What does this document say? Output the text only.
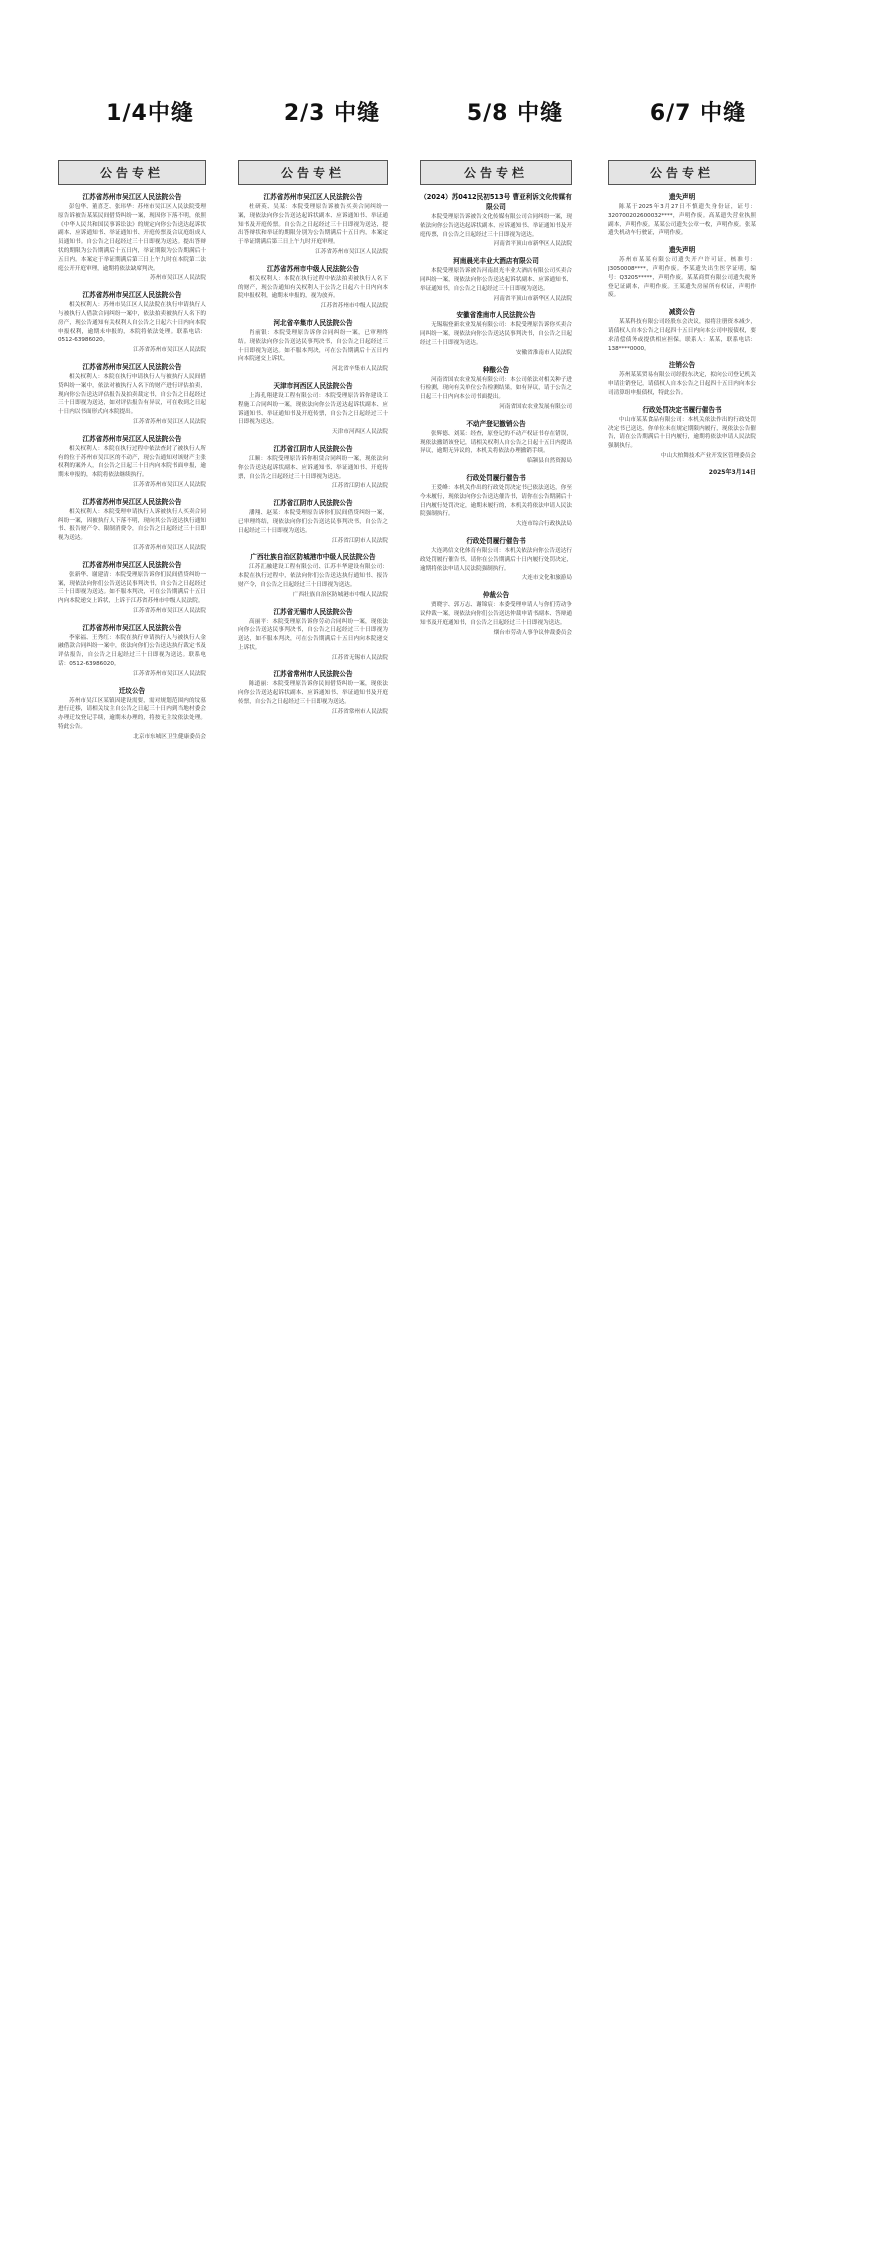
1/4中缝	2/3 中缝	5/8 中缝	6/7 中缝
公告专栏
江苏省苏州市吴江区人民法院公告

彭包华、董喜芝、张玮华：苏州市吴江区人民法院受理原告诉被告某某民间借贷纠纷一案，现因你下落不明，依照《中华人民共和国民事诉讼法》的规定向你公告送达起诉状副本、应诉通知书、举证通知书、开庭传票及合议庭组成人员通知书。自公告之日起经过三十日即视为送达。提出答辩状的期限为公告期满后十五日内，举证期限为公告期满后十五日内。本案定于举证期满后第三日上午九时在本院第二法庭公开开庭审理，逾期将依法缺席判决。

苏州市吴江区人民法院
江苏省苏州市吴江区人民法院公告

相关权利人：苏州市吴江区人民法院在执行申请执行人与被执行人借款合同纠纷一案中，依法拍卖被执行人名下的房产，现公告通知有关权利人自公告之日起六十日内向本院申报权利，逾期未申报的，本院将依法处理。联系电话：0512-63986020。

江苏省苏州市吴江区人民法院
江苏省苏州市吴江区人民法院公告

相关权利人：本院在执行申请执行人与被执行人民间借贷纠纷一案中，依法对被执行人名下的财产进行评估拍卖，现向你公告送达评估报告及拍卖裁定书，自公告之日起经过三十日即视为送达，如对评估报告有异议，可在收到之日起十日内以书面形式向本院提出。

江苏省苏州市吴江区人民法院
江苏省苏州市吴江区人民法院公告

相关权利人：本院在执行过程中依法查封了被执行人所有的位于苏州市吴江区的不动产，现公告通知对该财产主张权利的案外人，自公告之日起三十日内向本院书面申报，逾期未申报的，本院将依法继续执行。

江苏省苏州市吴江区人民法院
江苏省苏州市吴江区人民法院公告

相关权利人：本院受理申请执行人诉被执行人买卖合同纠纷一案，因被执行人下落不明，现向其公告送达执行通知书、报告财产令、限制消费令，自公告之日起经过三十日即视为送达。

江苏省苏州市吴江区人民法院
江苏省苏州市吴江区人民法院公告

张新华、谢建清：本院受理原告诉你们民间借贷纠纷一案，现依法向你们公告送达民事判决书，自公告之日起经过三十日即视为送达。如不服本判决，可在公告期满后十五日内向本院递交上诉状，上诉于江苏省苏州市中级人民法院。

江苏省苏州市吴江区人民法院
江苏省苏州市吴江区人民法院公告

李家福、王秀红：本院在执行申请执行人与被执行人金融借款合同纠纷一案中，依法向你们公告送达执行裁定书及评估报告，自公告之日起经过三十日即视为送达。联系电话：0512-63986020。

江苏省苏州市吴江区人民法院
迁坟公告

苏州市吴江区某镇因建设需要，需对规划范围内的坟墓进行迁移，请相关坟主自公告之日起三十日内到当地村委会办理迁坟登记手续，逾期未办理的，将按无主坟依法处理。特此公告。

北京市东城区卫生健康委员会
公告专栏
江苏省苏州市吴江区人民法院公告

杜研英、吴某：本院受理原告诉被告买卖合同纠纷一案，现依法向你公告送达起诉状副本、应诉通知书、举证通知书及开庭传票。自公告之日起经过三十日即视为送达，提出答辩状和举证的期限分别为公告期满后十五日内，本案定于举证期满后第三日上午九时开庭审理。

江苏省苏州市吴江区人民法院
江苏省苏州市中级人民法院公告

相关权利人：本院在执行过程中依法拍卖被执行人名下的财产，现公告通知有关权利人于公告之日起六十日内向本院申报权利，逾期未申报的，视为放弃。

江苏省苏州市中级人民法院
河北省辛集市人民法院公告

肖前银：本院受理原告诉你合同纠纷一案，已审理终结。现依法向你公告送达民事判决书，自公告之日起经过三十日即视为送达。如不服本判决，可在公告期满后十五日内向本院递交上诉状。

河北省辛集市人民法院
天津市河西区人民法院公告

上海孔翔建设工程有限公司：本院受理原告诉你建设工程施工合同纠纷一案，现依法向你公告送达起诉状副本、应诉通知书、举证通知书及开庭传票，自公告之日起经过三十日即视为送达。

天津市河西区人民法院
江苏省江阴市人民法院公告

江顺：本院受理原告诉你租赁合同纠纷一案，现依法向你公告送达起诉状副本、应诉通知书、举证通知书、开庭传票，自公告之日起经过三十日即视为送达。

江苏省江阴市人民法院
江苏省江阴市人民法院公告

潘翔、赵某：本院受理原告诉你们民间借贷纠纷一案，已审理终结，现依法向你们公告送达民事判决书，自公告之日起经过三十日即视为送达。

江苏省江阴市人民法院
广西壮族自治区防城港市中级人民法院公告

江苏汇融建设工程有限公司、江苏丰华建设有限公司：本院在执行过程中，依法向你们公告送达执行通知书、报告财产令，自公告之日起经过三十日即视为送达。

广西壮族自治区防城港市中级人民法院
江苏省无锡市人民法院公告

高丽平：本院受理原告诉你劳动合同纠纷一案，现依法向你公告送达民事判决书，自公告之日起经过三十日即视为送达，如不服本判决，可在公告期满后十五日内向本院递交上诉状。

江苏省无锡市人民法院
江苏省常州市人民法院公告

陈道丽：本院受理原告诉你民间借贷纠纷一案，现依法向你公告送达起诉状副本、应诉通知书、举证通知书及开庭传票，自公告之日起经过三十日即视为送达。

江苏省常州市人民法院
公告专栏
（2024）苏0412民初513号 曹亚利诉文化传媒有限公司

本院受理原告诉被告文化传媒有限公司合同纠纷一案，现依法向你公告送达起诉状副本、应诉通知书、举证通知书及开庭传票，自公告之日起经过三十日即视为送达。

河南省平顶山市新华区人民法院
河南晨光丰业大酒店有限公司

本院受理原告诉被告河南晨光丰业大酒店有限公司买卖合同纠纷一案，现依法向你公告送达起诉状副本、应诉通知书、举证通知书，自公告之日起经过三十日即视为送达。

河南省平顶山市新华区人民法院
安徽省淮南市人民法院公告

无锡瑞登新农业发展有限公司：本院受理原告诉你买卖合同纠纷一案，现依法向你公告送达民事判决书，自公告之日起经过三十日即视为送达。

安徽省淮南市人民法院
种酿公告

河南省国农农业发展有限公司：本公司依法对相关种子进行检测，现向有关单位公告检测结果，如有异议，请于公告之日起三十日内向本公司书面提出。

河南省国农农业发展有限公司
不动产登记撤销公告

张辉德、刘某：经查，原登记的不动产权证书存在错误，现依法撤销该登记，请相关权利人自公告之日起十五日内提出异议，逾期无异议的，本机关将依法办理撤销手续。

临颍县自然资源局
行政处罚履行催告书

王爱峰：本机关作出的行政处罚决定书已依法送达，你至今未履行，现依法向你公告送达催告书，请你在公告期满后十日内履行处罚决定，逾期未履行的，本机关将依法申请人民法院强制执行。

大连市综合行政执法局
行政处罚履行催告书

大连鸿信文化体育有限公司：本机关依法向你公告送达行政处罚履行催告书，请你在公告期满后十日内履行处罚决定，逾期将依法申请人民法院强制执行。

大连市文化和旅游局
仲裁公告

贾晓宇、郭万志、谢锦宸：本委受理申请人与你们劳动争议仲裁一案，现依法向你们公告送达仲裁申请书副本、答辩通知书及开庭通知书，自公告之日起经过三十日即视为送达。

烟台市劳动人事争议仲裁委员会
公告专栏
遗失声明

陈某于2025年3月27日不慎遗失身份证，证号：320700202600032****，声明作废。高某遗失营业执照副本，声明作废。某某公司遗失公章一枚，声明作废。张某遗失机动车行驶证，声明作废。

遗失声明

苏州市某某有限公司遗失开户许可证，核准号：J3050008****，声明作废。李某遗失出生医学证明，编号：Q3205*****，声明作废。某某商贸有限公司遗失税务登记证副本，声明作废。王某遗失房屋所有权证，声明作废。

减资公告

某某科技有限公司经股东会决议，拟将注册资本减少，请债权人自本公告之日起四十五日内向本公司申报债权，要求清偿债务或提供相应担保。联系人：某某，联系电话：138****0000。

注销公告

苏州某某贸易有限公司经股东决定，拟向公司登记机关申请注销登记，请债权人自本公告之日起四十五日内向本公司清算组申报债权，特此公告。

行政处罚决定书履行催告书

中山市某某食品有限公司：本机关依法作出的行政处罚决定书已送达，你单位未在规定期限内履行，现依法公告催告，请在公告期满后十日内履行，逾期将依法申请人民法院强制执行。

中山大柏舞技术产业开发区管理委员会
2025年3月14日
